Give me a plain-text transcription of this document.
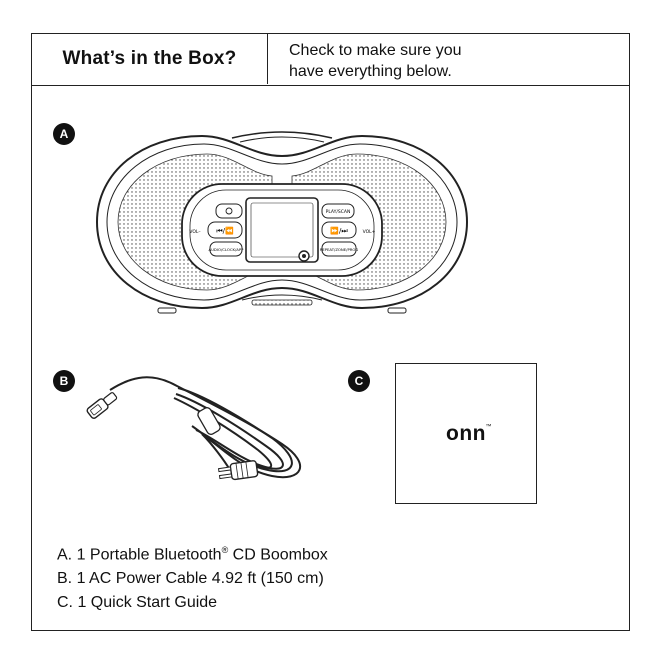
What’s in the Box?	Check to make sure you
have everything below.
A
⏮/⏪
AUDIO/CLOCK/APP
VOL–
PLAY/SCAN
⏩/⏭
REPEAT/ZONE/PROG
VOL+
B	C
onn ™
A. 1 Portable Bluetooth® CD Boombox
B. 1 AC Power Cable 4.92 ft (150 cm)
C. 1 Quick Start Guide
